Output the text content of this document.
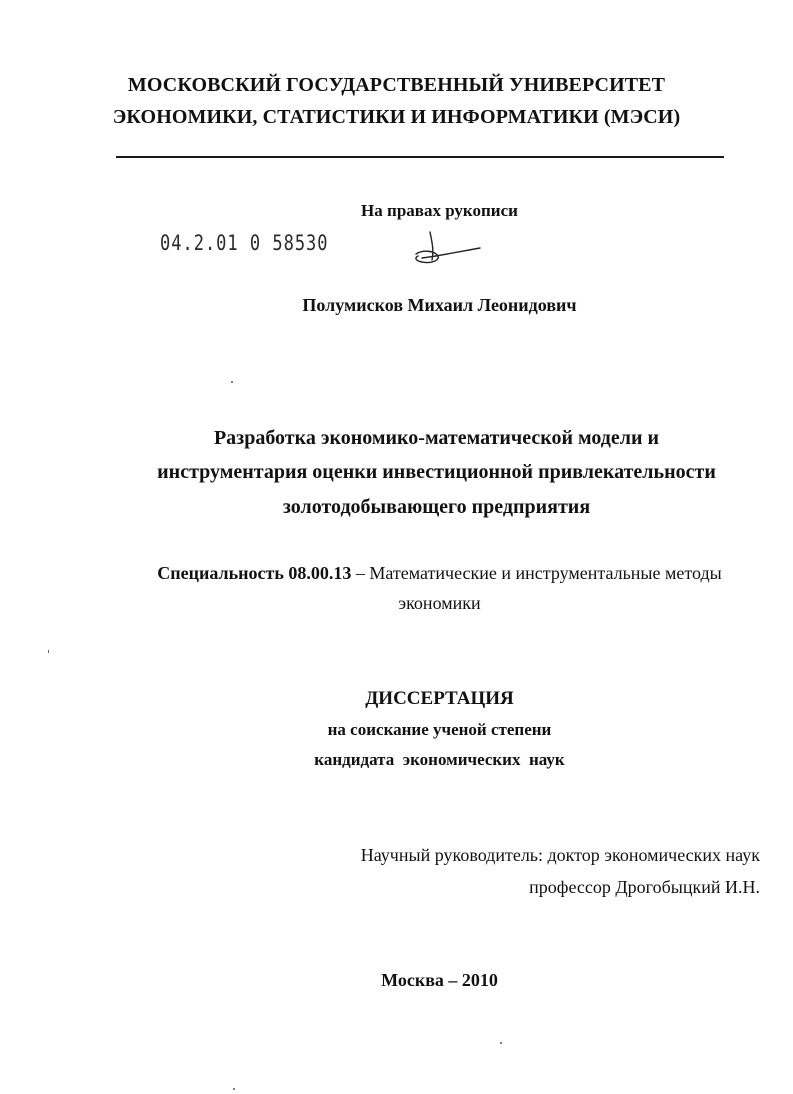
МОСКОВСКИЙ ГОСУДАРСТВЕННЫЙ УНИВЕРСИТЕТ
ЭКОНОМИКИ, СТАТИСТИКИ И ИНФОРМАТИКИ (МЭСИ)
На правах рукописи
04.2.01 0 58530
Полумисков Михаил Леонидович
Разработка экономико-математической модели и
инструментария оценки инвестиционной привлекательности
золотодобывающего предприятия
Специальность 08.00.13 – Математические и инструментальные методы
экономики
ДИССЕРТАЦИЯ
на соискание ученой степени
кандидата  экономических  наук
Научный руководитель: доктор экономических наук
профессор Дрогобыцкий И.Н.
Москва – 2010
